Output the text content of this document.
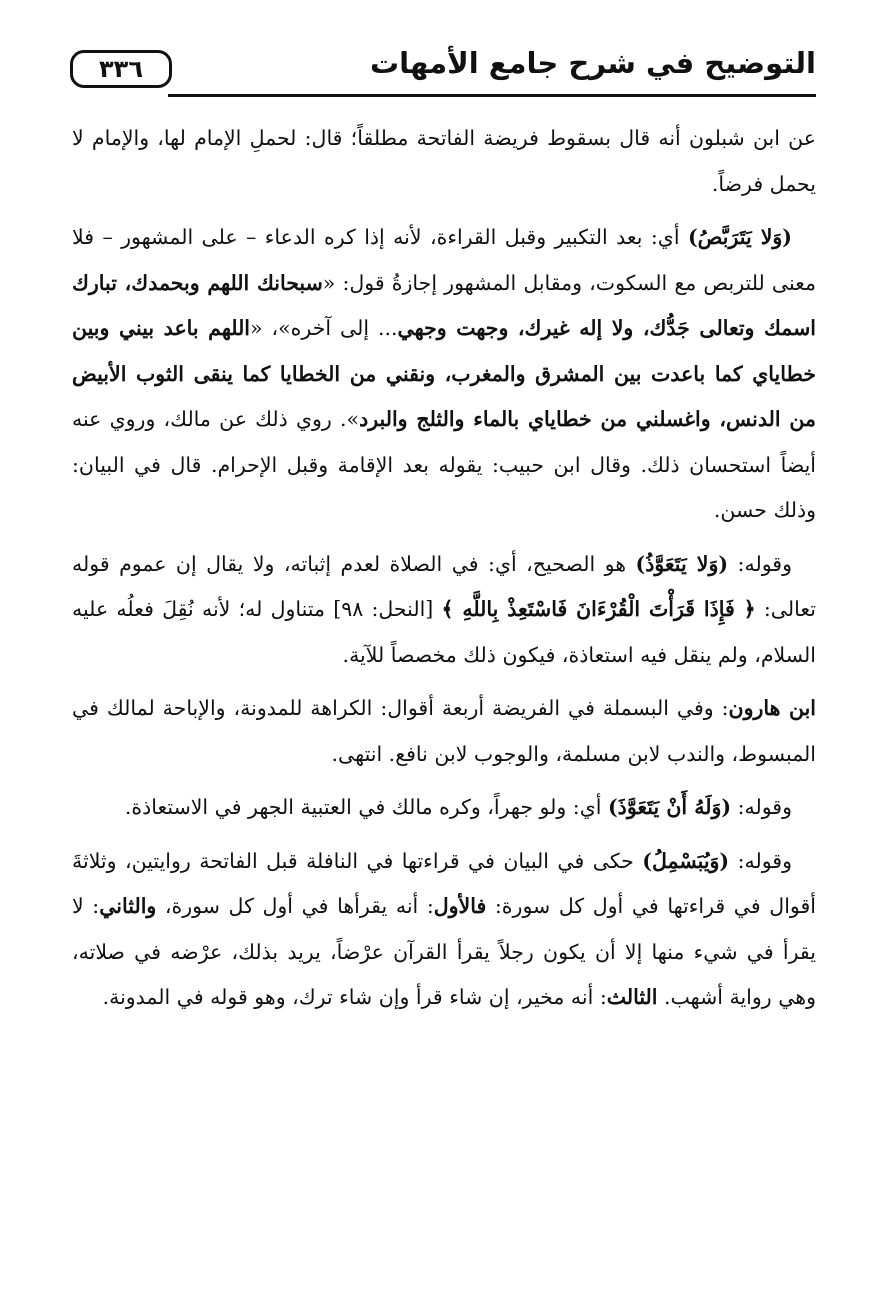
٣٣٦	التوضيح في شرح جامع الأمهات

عن ابن شبلون أنه قال بسقوط فريضة الفاتحة مطلقاً؛ قال: لحملِ الإمام لها، والإمام لا يحمل فرضاً.

(وَلا يَتَرَبَّصُ) أي: بعد التكبير وقبل القراءة، لأنه إذا كره الدعاء – على المشهور – فلا معنى للتربص مع السكوت، ومقابل المشهور إجازةُ قول: «سبحانك اللهم وبحمدك، تبارك اسمك وتعالى جَدُّك، ولا إله غيرك، وجهت وجهي... إلى آخره»، «اللهم باعد بيني وبين خطاياي كما باعدت بين المشرق والمغرب، ونقني من الخطايا كما ينقى الثوب الأبيض من الدنس، واغسلني من خطاياي بالماء والثلج والبرد». روي ذلك عن مالك، وروي عنه أيضاً استحسان ذلك. وقال ابن حبيب: يقوله بعد الإقامة وقبل الإحرام. قال في البيان: وذلك حسن.

وقوله: (وَلا يَتَعَوَّذُ) هو الصحيح، أي: في الصلاة لعدم إثباته، ولا يقال إن عموم قوله تعالى: ﴿ فَإِذَا قَرَأْتَ الْقُرْءَانَ فَاسْتَعِذْ بِاللَّهِ ﴾ [النحل: ٩٨] متناول له؛ لأنه نُقِلَ فعلُه عليه السلام، ولم ينقل فيه استعاذة، فيكون ذلك مخصصاً للآية.

ابن هارون: وفي البسملة في الفريضة أربعة أقوال: الكراهة للمدونة، والإباحة لمالك في المبسوط، والندب لابن مسلمة، والوجوب لابن نافع. انتهى.

وقوله: (وَلَهُ أَنْ يَتَعَوَّذَ) أي: ولو جهراً، وكره مالك في العتبية الجهر في الاستعاذة.

وقوله: (وَيُبَسْمِلُ) حكى في البيان في قراءتها في النافلة قبل الفاتحة روايتين، وثلاثةَ أقوال في قراءتها في أول كل سورة: فالأول: أنه يقرأها في أول كل سورة، والثاني: لا يقرأ في شيء منها إلا أن يكون رجلاً يقرأ القرآن عرْضاً، يريد بذلك، عرْضه في صلاته، وهي رواية أشهب. الثالث: أنه مخير، إن شاء قرأ وإن شاء ترك، وهو قوله في المدونة.
